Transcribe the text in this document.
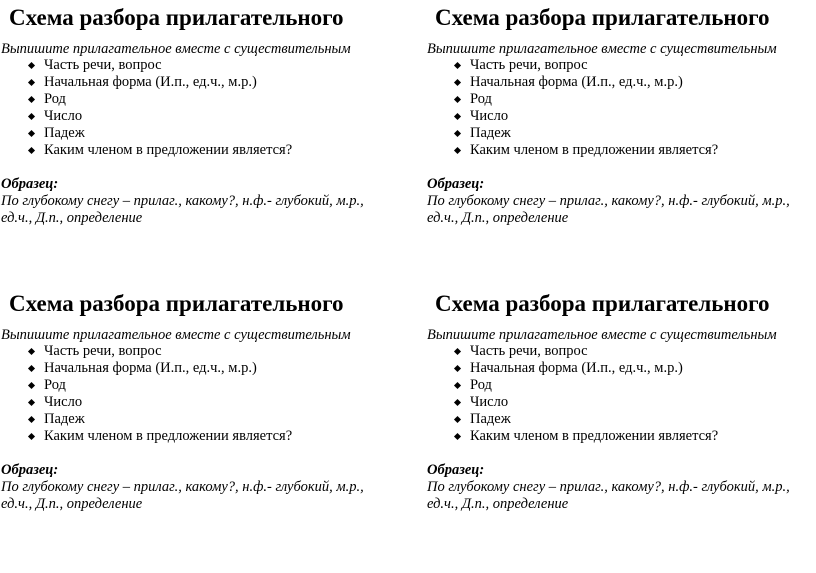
Схема разбора прилагательного

Выпишите прилагательное вместе с существительным

Часть речи, вопрос
Начальная форма (И.п., ед.ч., м.р.)
Род
Число
Падеж
Каким членом в предложении является?

Образец:

По глубокому снегу – прилаг., какому?, н.ф.- глубокий, м.р., ед.ч., Д.п., определение

Схема разбора прилагательного

Выпишите прилагательное вместе с существительным

Часть речи, вопрос
Начальная форма (И.п., ед.ч., м.р.)
Род
Число
Падеж
Каким членом в предложении является?

Образец:

По глубокому снегу – прилаг., какому?, н.ф.- глубокий, м.р., ед.ч., Д.п., определение

Схема разбора прилагательного

Выпишите прилагательное вместе с существительным

Часть речи, вопрос
Начальная форма (И.п., ед.ч., м.р.)
Род
Число
Падеж
Каким членом в предложении является?

Образец:

По глубокому снегу – прилаг., какому?, н.ф.- глубокий, м.р., ед.ч., Д.п., определение

Схема разбора прилагательного

Выпишите прилагательное вместе с существительным

Часть речи, вопрос
Начальная форма (И.п., ед.ч., м.р.)
Род
Число
Падеж
Каким членом в предложении является?

Образец:

По глубокому снегу – прилаг., какому?, н.ф.- глубокий, м.р., ед.ч., Д.п., определение
